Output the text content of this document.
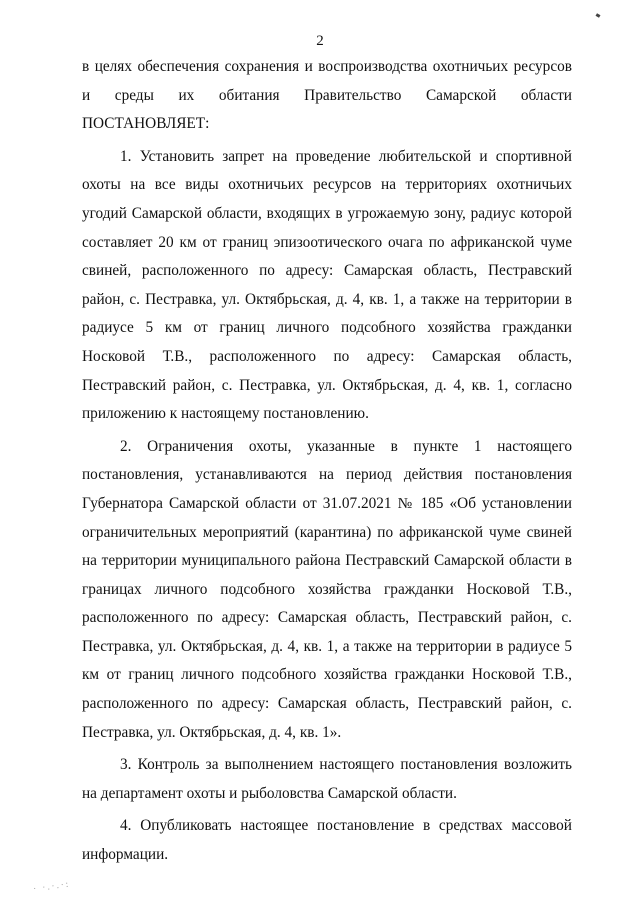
2

в целях обеспечения сохранения и воспроизводства охотничьих ресурсов и среды их обитания Правительство Самарской области ПОСТАНОВЛЯЕТ:

1. Установить запрет на проведение любительской и спортивной охоты на все виды охотничьих ресурсов на территориях охотничьих угодий Самарской области, входящих в угрожаемую зону, радиус которой составляет 20 км от границ эпизоотического очага по африканской чуме свиней, расположенного по адресу: Самарская область, Пестравский район, с. Пестравка, ул. Октябрьская, д. 4, кв. 1, а также на территории в радиусе 5 км от границ личного подсобного хозяйства гражданки Носковой Т.В., расположенного по адресу: Самарская область, Пестравский район, с. Пестравка, ул. Октябрьская, д. 4, кв. 1, согласно приложению к настоящему постановлению.

2. Ограничения охоты, указанные в пункте 1 настоящего постановления, устанавливаются на период действия постановления Губернатора Самарской области от 31.07.2021 № 185 «Об установлении ограничительных мероприятий (карантина) по африканской чуме свиней на территории муниципального района Пестравский Самарской области в границах личного подсобного хозяйства гражданки Носковой Т.В., расположенного по адресу: Самарская область, Пестравский район, с. Пестравка, ул. Октябрьская, д. 4, кв. 1, а также на территории в радиусе 5 км от границ личного подсобного хозяйства гражданки Носковой Т.В., расположенного по адресу: Самарская область, Пестравский район, с. Пестравка, ул. Октябрьская, д. 4, кв. 1».

3. Контроль за выполнением настоящего постановления возложить на департамент охоты и рыболовства Самарской области.

4. Опубликовать настоящее постановление в средствах массовой информации.

· ·.·.·:
